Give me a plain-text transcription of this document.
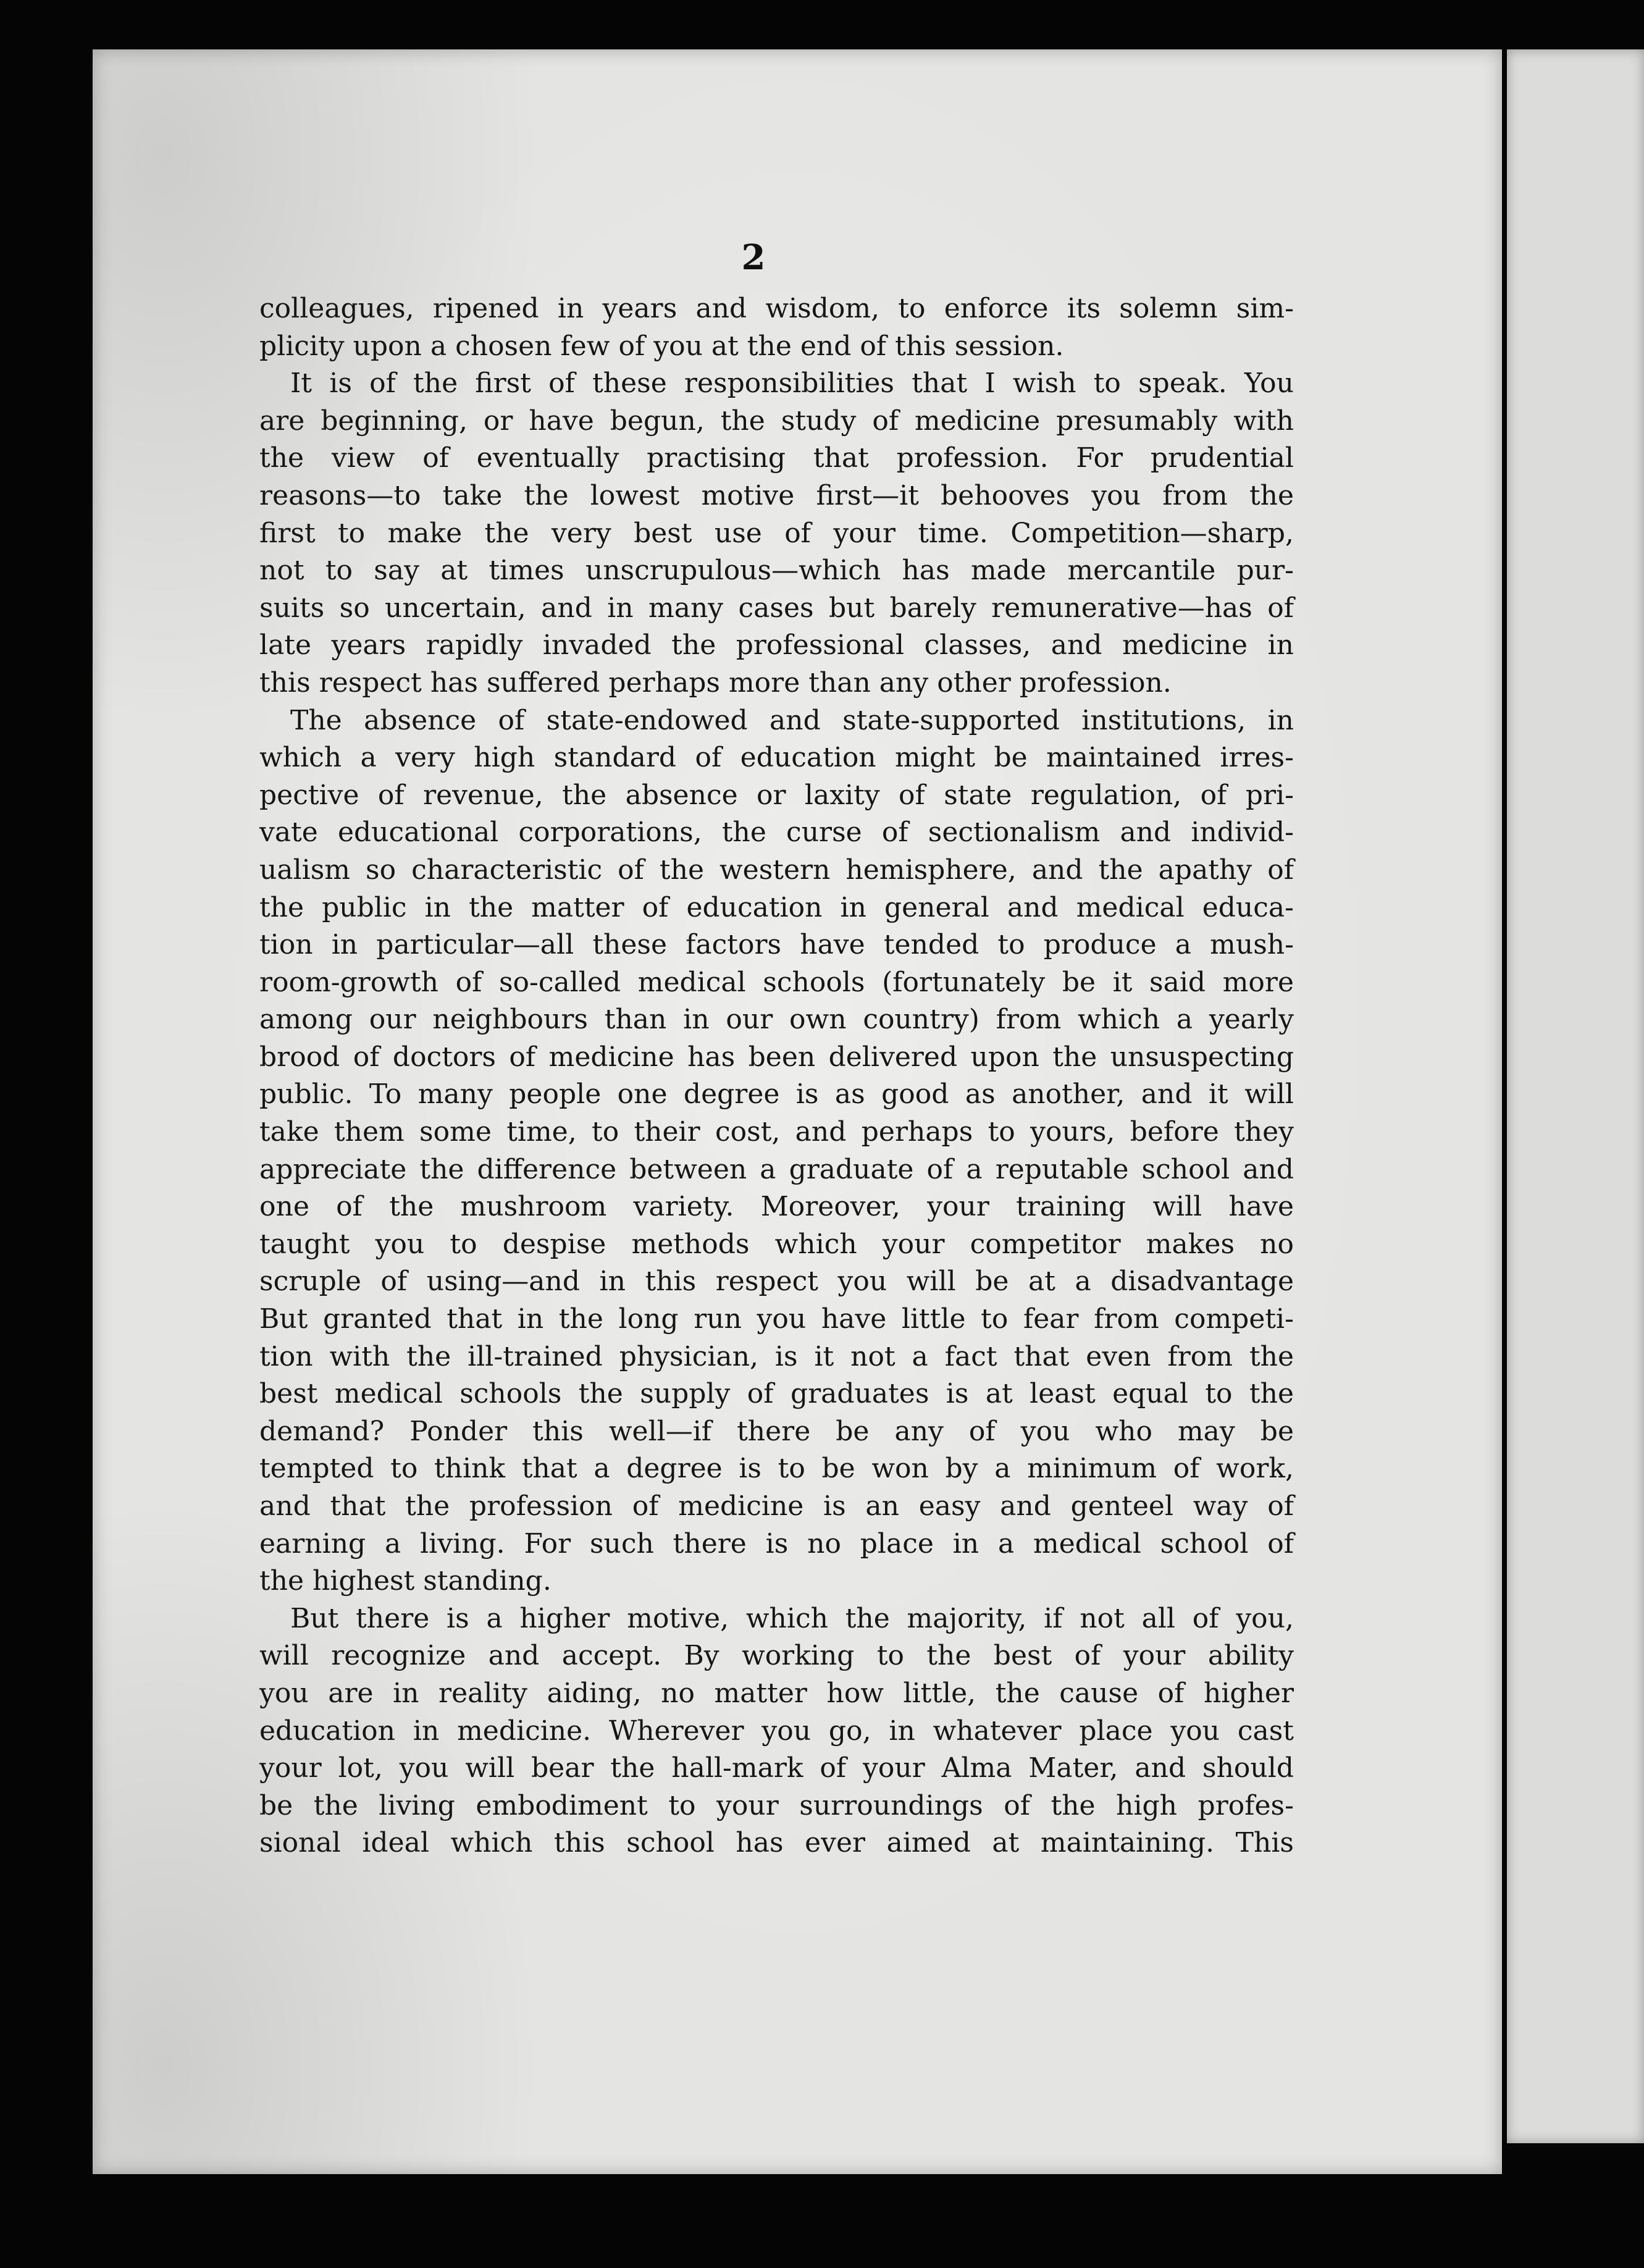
2

colleagues, ripened in years and wisdom, to enforce its solemn sim-
plicity upon a chosen few of you at the end of this session.
It is of the first of these responsibilities that I wish to speak. You
are beginning, or have begun, the study of medicine presumably with
the view of eventually practising that profession. For prudential
reasons—to take the lowest motive first—it behooves you from the
first to make the very best use of your time. Competition—sharp,
not to say at times unscrupulous—which has made mercantile pur-
suits so uncertain, and in many cases but barely remunerative—has of
late years rapidly invaded the professional classes, and medicine in
this respect has suffered perhaps more than any other profession.
The absence of state-endowed and state-supported institutions, in
which a very high standard of education might be maintained irres-
pective of revenue, the absence or laxity of state regulation, of pri-
vate educational corporations, the curse of sectionalism and individ-
ualism so characteristic of the western hemisphere, and the apathy of
the public in the matter of education in general and medical educa-
tion in particular—all these factors have tended to produce a mush-
room-growth of so-called medical schools (fortunately be it said more
among our neighbours than in our own country) from which a yearly
brood of doctors of medicine has been delivered upon the unsuspecting
public. To many people one degree is as good as another, and it will
take them some time, to their cost, and perhaps to yours, before they
appreciate the difference between a graduate of a reputable school and
one of the mushroom variety. Moreover, your training will have
taught you to despise methods which your competitor makes no
scruple of using—and in this respect you will be at a disadvantage
But granted that in the long run you have little to fear from competi-
tion with the ill-trained physician, is it not a fact that even from the
best medical schools the supply of graduates is at least equal to the
demand? Ponder this well—if there be any of you who may be
tempted to think that a degree is to be won by a minimum of work,
and that the profession of medicine is an easy and genteel way of
earning a living. For such there is no place in a medical school of
the highest standing.
But there is a higher motive, which the majority, if not all of you,
will recognize and accept. By working to the best of your ability
you are in reality aiding, no matter how little, the cause of higher
education in medicine. Wherever you go, in whatever place you cast
your lot, you will bear the hall-mark of your Alma Mater, and should
be the living embodiment to your surroundings of the high profes-
sional ideal which this school has ever aimed at maintaining. This
